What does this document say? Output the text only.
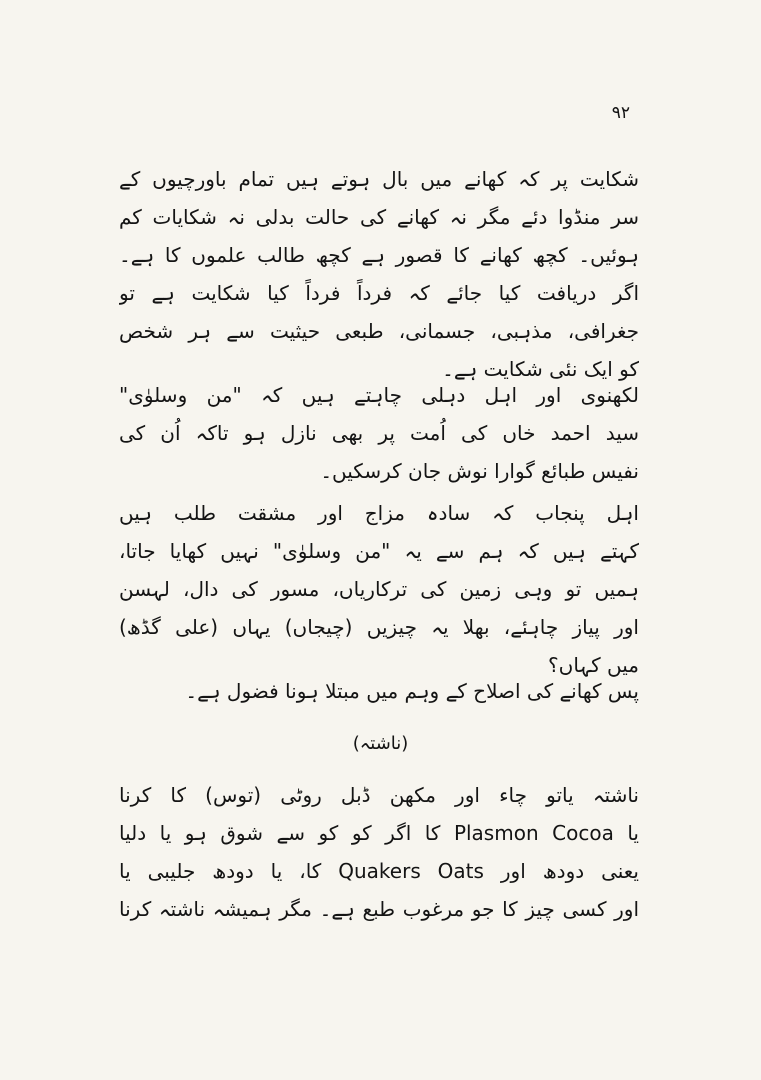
۹۲
شکایت پر کہ کھانے میں بال ہوتے ہیں تمام باورچیوں کے
سر منڈوا دئے مگر نہ کھانے کی حالت بدلی نہ شکایات کم
ہوئیں۔ کچھ کھانے کا قصور ہے کچھ طالب علموں کا ہے۔
اگر دریافت کیا جائے کہ فرداً فرداً کیا شکایت ہے تو
جغرافی، مذہبی، جسمانی، طبعی حیثیت سے ہر شخص
کو ایک نئی شکایت ہے۔
لکھنوی اور اہل دہلی چاہتے ہیں کہ "من وسلوٰی"
سید احمد خاں کی اُمت پر بھی نازل ہو تاکہ اُن کی
نفیس طبائع گوارا نوش جان کرسکیں۔
اہل پنجاب کہ سادہ مزاج اور مشقت طلب ہیں
کہتے ہیں کہ ہم سے یہ "من وسلوٰی" نہیں کھایا جاتا،
ہمیں تو وہی زمین کی ترکاریاں، مسور کی دال، لہسن
اور پیاز چاہئے، بھلا یہ چیزیں (چیجاں) یہاں (علی گڈھ)
میں کہاں؟
پس کھانے کی اصلاح کے وہم میں مبتلا ہونا فضول ہے۔
(ناشتہ)
ناشتہ یاتو چاء اور مکھن ڈبل روٹی (توس) کا کرنا
یا Plasmon Cocoa کا اگر کو کو سے شوق ہو یا دلیا
یعنی دودھ اور Quakers Oats کا، یا دودھ جلیبی یا
اور کسی چیز کا جو مرغوب طبع ہے۔ مگر ہمیشہ ناشتہ کرنا
